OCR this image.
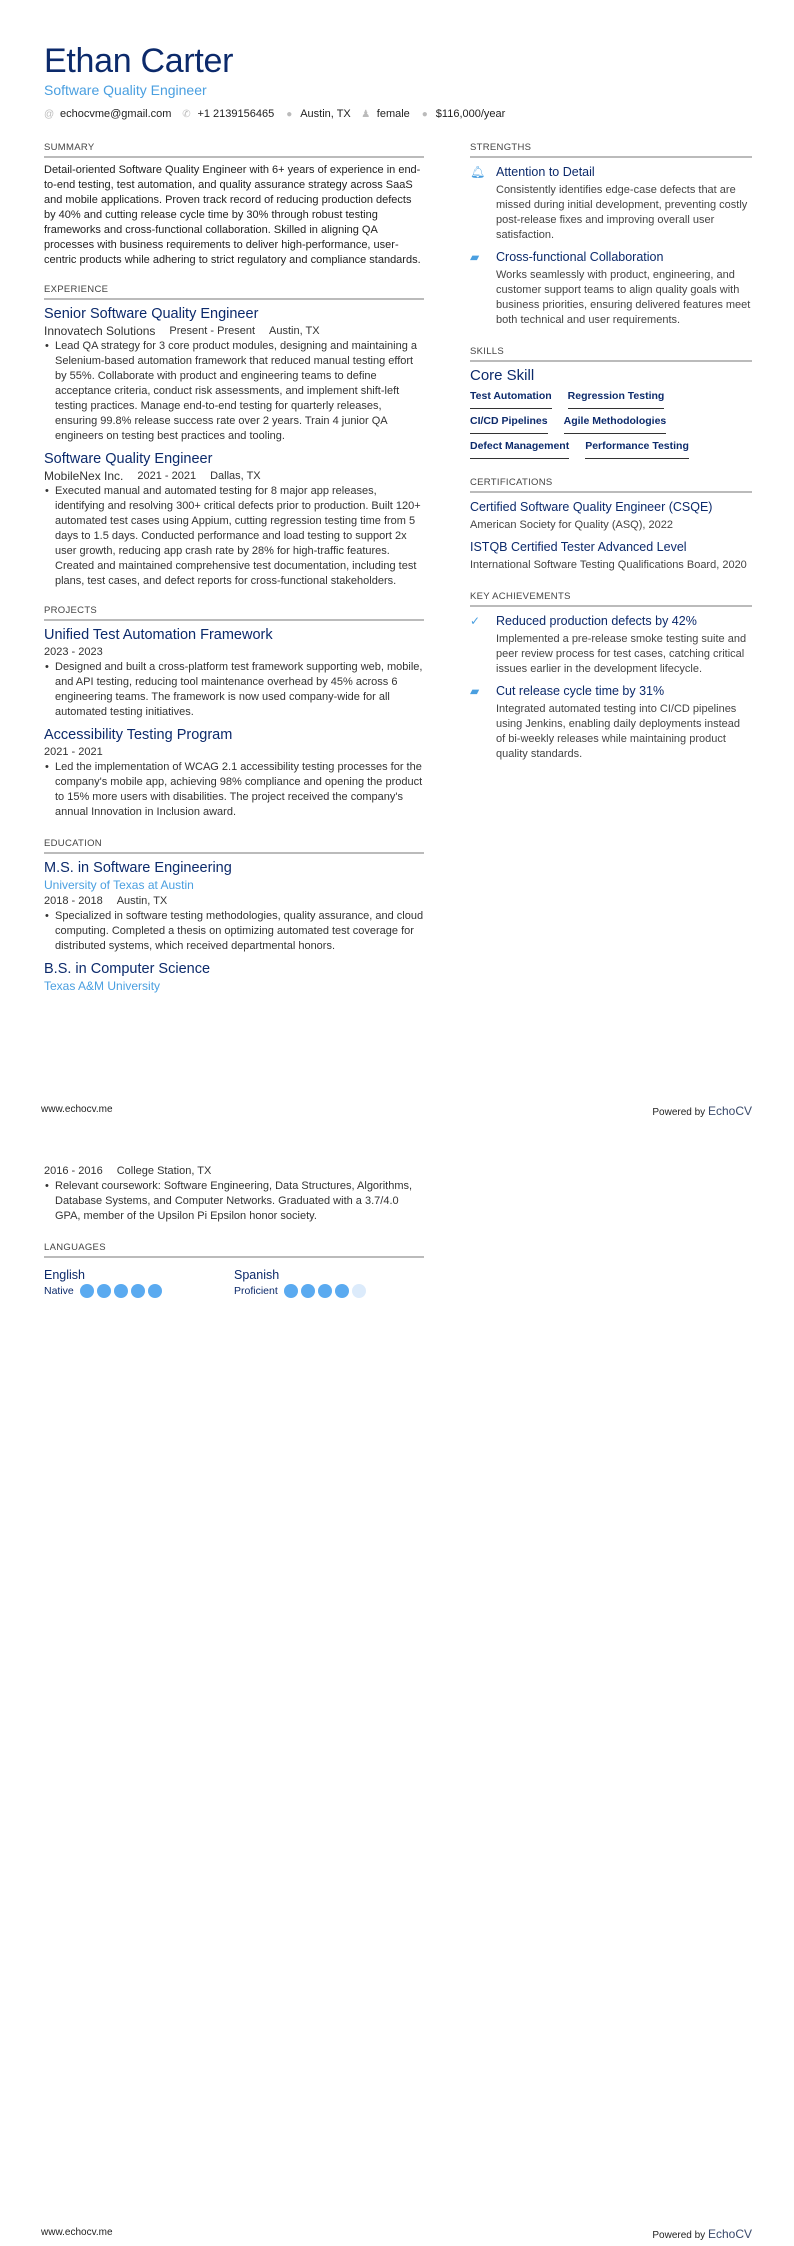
Ethan Carter
Software Quality Engineer
@ echocvme@gmail.com ✆ +1 2139156465 ● Austin, TX ♟ female ● $116,000/year
SUMMARY
Detail-oriented Software Quality Engineer with 6+ years of experience in end-to-end testing, test automation, and quality assurance strategy across SaaS and mobile applications. Proven track record of reducing production defects by 40% and cutting release cycle time by 30% through robust testing frameworks and cross-functional collaboration. Skilled in aligning QA processes with business requirements to deliver high-performance, user-centric products while adhering to strict regulatory and compliance standards.
EXPERIENCE
Senior Software Quality Engineer
Innovatech Solutions Present - Present Austin, TX
• Lead QA strategy for 3 core product modules, designing and maintaining a Selenium-based automation framework that reduced manual testing effort by 55%. Collaborate with product and engineering teams to define acceptance criteria, conduct risk assessments, and implement shift-left testing practices. Manage end-to-end testing for quarterly releases, ensuring 99.8% release success rate over 2 years. Train 4 junior QA engineers on testing best practices and tooling.
Software Quality Engineer
MobileNex Inc. 2021 - 2021 Dallas, TX
• Executed manual and automated testing for 8 major app releases, identifying and resolving 300+ critical defects prior to production. Built 120+ automated test cases using Appium, cutting regression testing time from 5 days to 1.5 days. Conducted performance and load testing to support 2x user growth, reducing app crash rate by 28% for high-traffic features. Created and maintained comprehensive test documentation, including test plans, test cases, and defect reports for cross-functional stakeholders.
PROJECTS
Unified Test Automation Framework
2023 - 2023
• Designed and built a cross-platform test framework supporting web, mobile, and API testing, reducing tool maintenance overhead by 45% across 6 engineering teams. The framework is now used company-wide for all automated testing initiatives.
Accessibility Testing Program
2021 - 2021
• Led the implementation of WCAG 2.1 accessibility testing processes for the company's mobile app, achieving 98% compliance and opening the product to 15% more users with disabilities. The project received the company's annual Innovation in Inclusion award.
EDUCATION
M.S. in Software Engineering
University of Texas at Austin
2018 - 2018 Austin, TX
• Specialized in software testing methodologies, quality assurance, and cloud computing. Completed a thesis on optimizing automated test coverage for distributed systems, which received departmental honors.
B.S. in Computer Science
Texas A&M University
STRENGTHS
🔔︎ Attention to Detail
Consistently identifies edge-case defects that are missed during initial development, preventing costly post-release fixes and improving overall user satisfaction.
▰	Cross-functional Collaboration
Works seamlessly with product, engineering, and customer support teams to align quality goals with business priorities, ensuring delivered features meet both technical and user requirements.
SKILLS
Core Skill
Test Automation Regression Testing
CI/CD Pipelines Agile Methodologies
Defect Management Performance Testing
CERTIFICATIONS
Certified Software Quality Engineer (CSQE)
American Society for Quality (ASQ), 2022
ISTQB Certified Tester Advanced Level
International Software Testing Qualifications Board, 2020
KEY ACHIEVEMENTS
✓	Reduced production defects by 42%
Implemented a pre-release smoke testing suite and peer review process for test cases, catching critical issues earlier in the development lifecycle.
▰	Cut release cycle time by 31%
Integrated automated testing into CI/CD pipelines using Jenkins, enabling daily deployments instead of bi-weekly releases while maintaining product quality standards.
www.echocv.me	Powered by EchoCV
2016 - 2016 College Station, TX
• Relevant coursework: Software Engineering, Data Structures, Algorithms, Database Systems, and Computer Networks. Graduated with a 3.7/4.0 GPA, member of the Upsilon Pi Epsilon honor society.
LANGUAGES
English
Native
Spanish
Proficient
www.echocv.me	Powered by EchoCV
